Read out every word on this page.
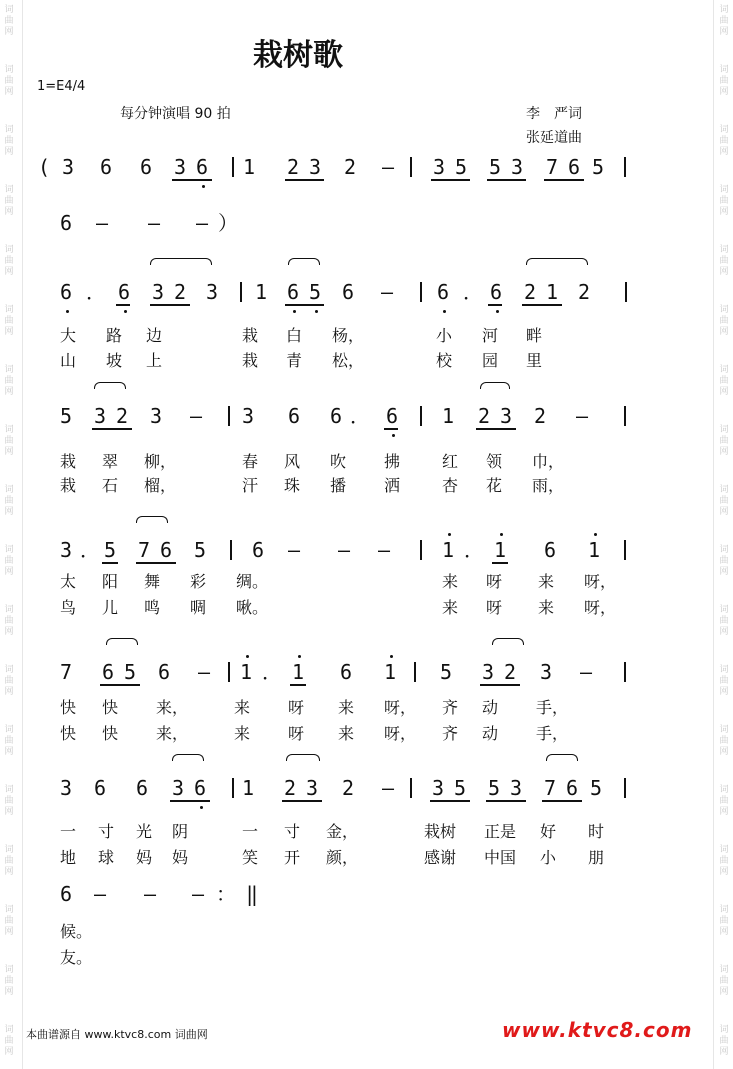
词
曲
网
词
曲
网
词
曲
网
词
曲
网
词
曲
网
词
曲
网
词
曲
网
词
曲
网
词
曲
网
词
曲
网
词
曲
网
词
曲
网
词
曲
网
词
曲
网
词
曲
网
词
曲
网
词
曲
网
词
曲
网
词
曲
网
词
曲
网
词
曲
网
词
曲
网
词
曲
网
词
曲
网
词
曲
网
词
曲
网
词
曲
网
词
曲
网
词
曲
网
词
曲
网
词
曲
网
词
曲
网
词
曲
网
词
曲
网
词
曲
网
词
曲
网
栽树歌
1=E4/4
每分钟演唱 90 拍	李　严词
张延道曲
( 3 6 6 3 6 1 2 3 2 — 3 5 5 3 7 6 5
6 — — — ）
6 ． 6 3 2 3 1 6 5 6 — 6 ． 6 2 1 2
5 3 2 3 — 3 6 6 ． 6 1 2 3 2 —
3 ． 5 7 6 5 6 — — —	1 ． 1 6 1
7 6 5 6 — 1 ． 1 6 1 5 3 2 3 —
3 6 6 3 6 1 2 3 2 — 3 5 5 3 7 6 5
6 — — — ： ‖
大 路 边	栽 白 杨，	小 河 畔
山 坡 上	栽 青 松，	校 园 里
栽 翠 柳，	春 风 吹 拂	红 领 巾，
栽 石 榴，	汗 珠 播 洒	杏 花 雨，
太 阳 舞 彩 绸。	来 呀 来 呀，
鸟 儿 鸣 啁 啾。	来 呀 来 呀，
快 快 来，	来 呀 来 呀， 齐 动 手，
快 快 来，	来 呀 来 呀， 齐 动 手，
一 寸 光 阴	一 寸 金，	栽树 正是 好 时
地 球 妈 妈	笑 开 颜，	感谢 中国 小 朋
候。
友。
本曲谱源自 www.ktvc8.com 词曲网	www.ktvc8.com
